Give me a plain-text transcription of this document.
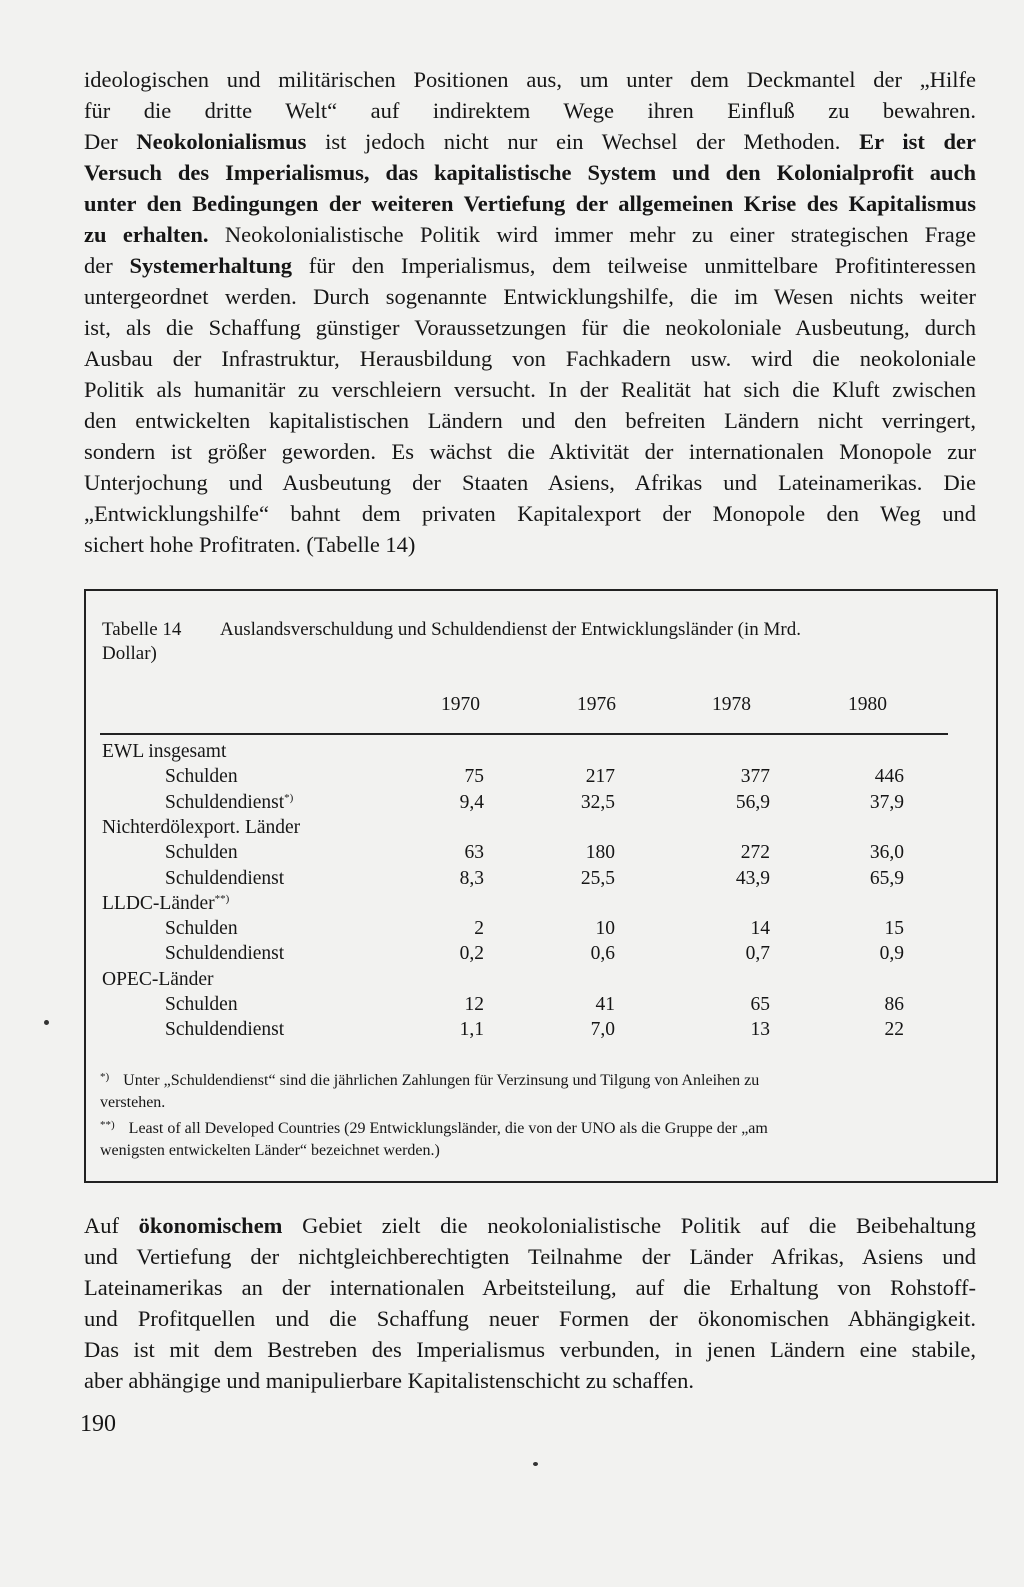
ideologischen und militärischen Positionen aus, um unter dem Deckmantel der „Hilfe
für die dritte Welt“ auf indirektem Wege ihren Einfluß zu bewahren.
Der Neokolonialismus ist jedoch nicht nur ein Wechsel der Methoden. Er ist der
Versuch des Imperialismus, das kapitalistische System und den Kolonialprofit auch
unter den Bedingungen der weiteren Vertiefung der allgemeinen Krise des Kapitalismus
zu erhalten. Neokolonialistische Politik wird immer mehr zu einer strategischen Frage
der Systemerhaltung für den Imperialismus, dem teilweise unmittelbare Profitinteressen
untergeordnet werden. Durch sogenannte Entwicklungshilfe, die im Wesen nichts weiter
ist, als die Schaffung günstiger Voraussetzungen für die neokoloniale Ausbeutung, durch
Ausbau der Infrastruktur, Herausbildung von Fachkadern usw. wird die neokoloniale
Politik als humanitär zu verschleiern versucht. In der Realität hat sich die Kluft zwischen
den entwickelten kapitalistischen Ländern und den befreiten Ländern nicht verringert,
sondern ist größer geworden. Es wächst die Aktivität der internationalen Monopole zur
Unterjochung und Ausbeutung der Staaten Asiens, Afrikas und Lateinamerikas. Die
„Entwicklungshilfe“ bahnt dem privaten Kapitalexport der Monopole den Weg und
sichert hohe Profitraten. (Tabelle 14)
Tabelle 14 Auslandsverschuldung und Schuldendienst der Entwicklungsländer (in Mrd.
Dollar)
1970	1976	1978	1980
EWL insgesamt
Schulden	75	217	377	446
Schuldendienst*)	9,4	32,5	56,9	37,9
Nichterdölexport. Länder
Schulden	63	180	272	36,0
Schuldendienst	8,3	25,5	43,9	65,9
LLDC-Länder**)
Schulden	2	10	14	15
Schuldendienst	0,2	0,6	0,7	0,9
OPEC-Länder
Schulden	12	41	65	86
Schuldendienst	1,1	7,0	13	22

*) Unter „Schuldendienst“ sind die jährlichen Zahlungen für Verzinsung und Tilgung von Anleihen zu
verstehen.

**) Least of all Developed Countries (29 Entwicklungsländer, die von der UNO als die Gruppe der „am
wenigsten entwickelten Länder“ bezeichnet werden.)

Auf ökonomischem Gebiet zielt die neokolonialistische Politik auf die Beibehaltung
und Vertiefung der nichtgleichberechtigten Teilnahme der Länder Afrikas, Asiens und
Lateinamerikas an der internationalen Arbeitsteilung, auf die Erhaltung von Rohstoff-
und Profitquellen und die Schaffung neuer Formen der ökonomischen Abhängigkeit.
Das ist mit dem Bestreben des Imperialismus verbunden, in jenen Ländern eine stabile,
aber abhängige und manipulierbare Kapitalistenschicht zu schaffen.
190
